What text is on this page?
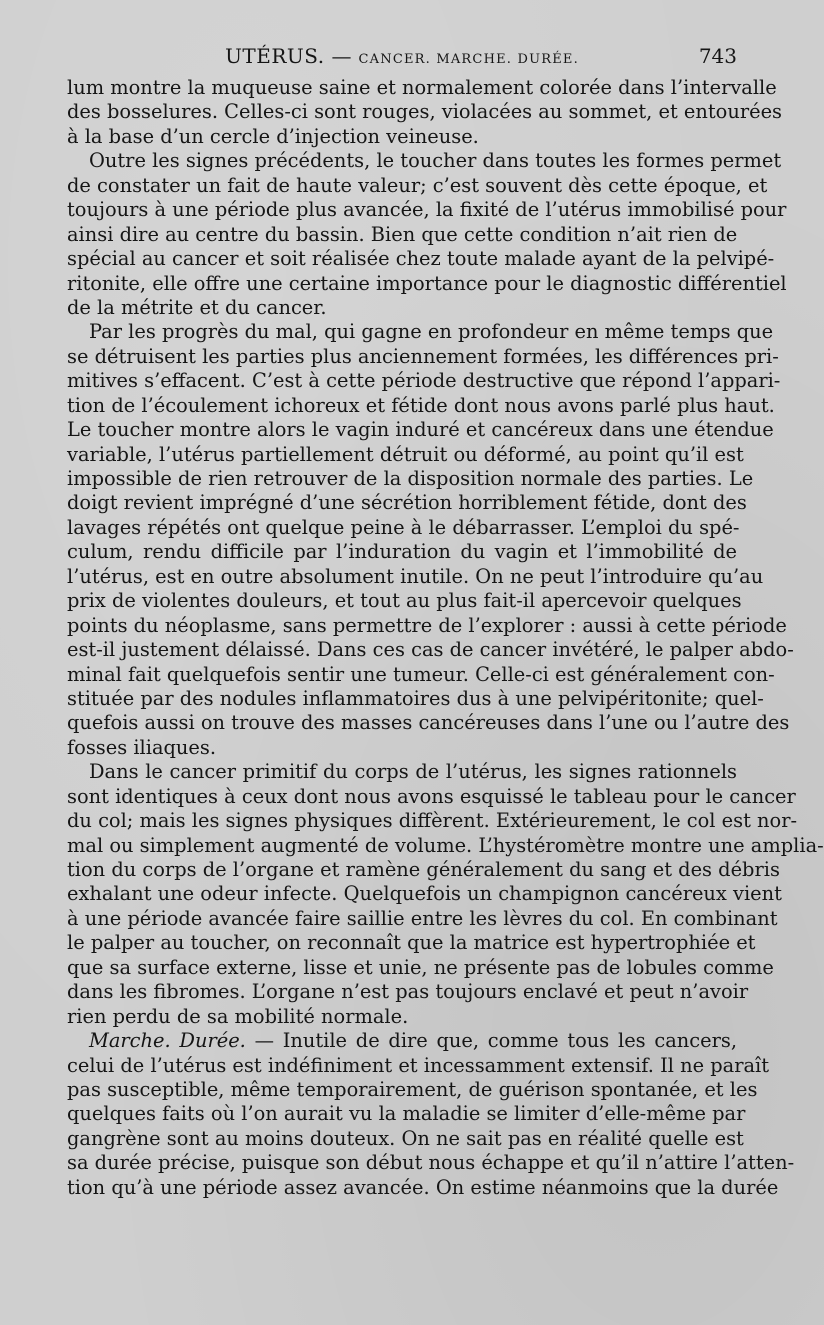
UTÉRUS. — CANCER. MARCHE. DURÉE.	743
lum montre la muqueuse saine et normalement colorée dans l’intervalle
des bosselures. Celles-ci sont rouges, violacées au sommet, et entourées
à la base d’un cercle d’injection veineuse.
Outre les signes précédents, le toucher dans toutes les formes permet
de constater un fait de haute valeur; c’est souvent dès cette époque, et
toujours à une période plus avancée, la fixité de l’utérus immobilisé pour
ainsi dire au centre du bassin. Bien que cette condition n’ait rien de
spécial au cancer et soit réalisée chez toute malade ayant de la pelvipé-
ritonite, elle offre une certaine importance pour le diagnostic différentiel
de la métrite et du cancer.
Par les progrès du mal, qui gagne en profondeur en même temps que
se détruisent les parties plus anciennement formées, les différences pri-
mitives s’effacent. C’est à cette période destructive que répond l’appari-
tion de l’écoulement ichoreux et fétide dont nous avons parlé plus haut.
Le toucher montre alors le vagin induré et cancéreux dans une étendue
variable, l’utérus partiellement détruit ou déformé, au point qu’il est
impossible de rien retrouver de la disposition normale des parties. Le
doigt revient imprégné d’une sécrétion horriblement fétide, dont des
lavages répétés ont quelque peine à le débarrasser. L’emploi du spé-
culum, rendu difficile par l’induration du vagin et l’immobilité de
l’utérus, est en outre absolument inutile. On ne peut l’introduire qu’au
prix de violentes douleurs, et tout au plus fait-il apercevoir quelques
points du néoplasme, sans permettre de l’explorer : aussi à cette période
est-il justement délaissé. Dans ces cas de cancer invétéré, le palper abdo-
minal fait quelquefois sentir une tumeur. Celle-ci est généralement con-
stituée par des nodules inflammatoires dus à une pelvipéritonite; quel-
quefois aussi on trouve des masses cancéreuses dans l’une ou l’autre des
fosses iliaques.
Dans le cancer primitif du corps de l’utérus, les signes rationnels
sont identiques à ceux dont nous avons esquissé le tableau pour le cancer
du col; mais les signes physiques diffèrent. Extérieurement, le col est nor-
mal ou simplement augmenté de volume. L’hystéromètre montre une amplia-
tion du corps de l’organe et ramène généralement du sang et des débris
exhalant une odeur infecte. Quelquefois un champignon cancéreux vient
à une période avancée faire saillie entre les lèvres du col. En combinant
le palper au toucher, on reconnaît que la matrice est hypertrophiée et
que sa surface externe, lisse et unie, ne présente pas de lobules comme
dans les fibromes. L’organe n’est pas toujours enclavé et peut n’avoir
rien perdu de sa mobilité normale.
Marche. Durée. — Inutile de dire que, comme tous les cancers,
celui de l’utérus est indéfiniment et incessamment extensif. Il ne paraît
pas susceptible, même temporairement, de guérison spontanée, et les
quelques faits où l’on aurait vu la maladie se limiter d’elle-même par
gangrène sont au moins douteux. On ne sait pas en réalité quelle est
sa durée précise, puisque son début nous échappe et qu’il n’attire l’atten-
tion qu’à une période assez avancée. On estime néanmoins que la durée
